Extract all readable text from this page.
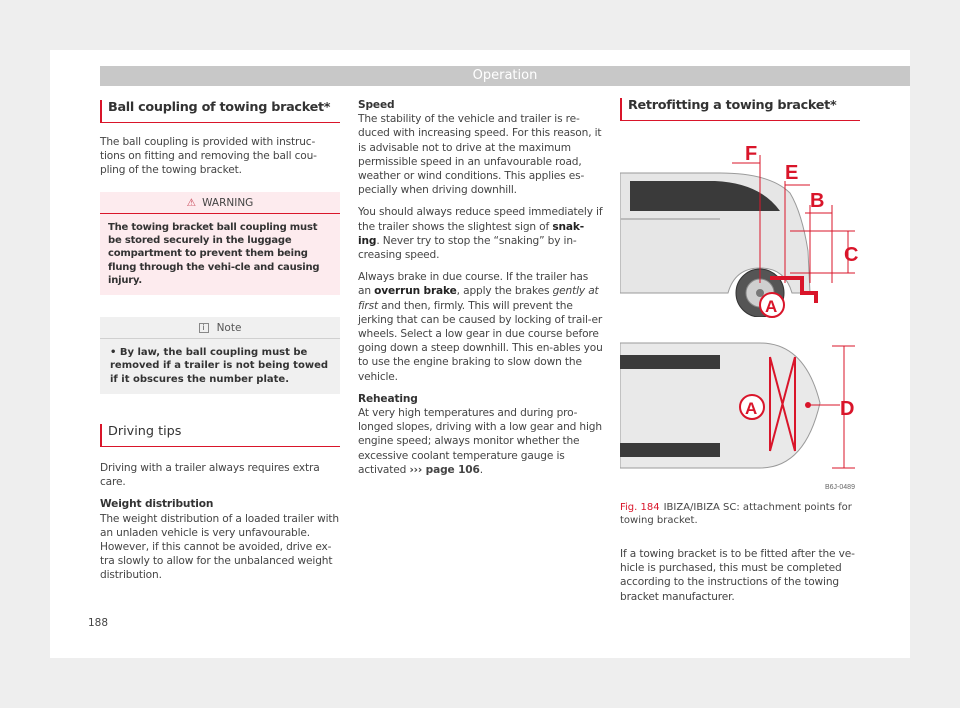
Operation
Ball coupling of towing bracket*

The ball coupling is provided with instruc-tions on fitting and removing the ball cou-pling of the towing bracket.

⚠ WARNING
The towing bracket ball coupling must be stored securely in the luggage compartment to prevent them being flung through the vehi-cle and causing injury.
i Note
• By law, the ball coupling must be removed if a trailer is not being towed if it obscures the number plate.
Driving tips

Driving with a trailer always requires extra care.

Weight distribution

The weight distribution of a loaded trailer with an unladen vehicle is very unfavourable. However, if this cannot be avoided, drive ex-tra slowly to allow for the unbalanced weight distribution.

Speed

The stability of the vehicle and trailer is re-duced with increasing speed. For this reason, it is advisable not to drive at the maximum permissible speed in an unfavourable road, weather or wind conditions. This applies es-pecially when driving downhill.

You should always reduce speed immediately if the trailer shows the slightest sign of snak-ing. Never try to stop the “snaking” by in-creasing speed.

Always brake in due course. If the trailer has an overrun brake, apply the brakes gently at first and then, firmly. This will prevent the jerking that can be caused by locking of trail-er wheels. Select a low gear in due course before going down a steep downhill. This en-ables you to use the engine braking to slow down the vehicle.

Reheating

At very high temperatures and during pro-longed slopes, driving with a low gear and high engine speed; always monitor whether the excessive coolant temperature gauge is activated ››› page 106.

Retrofitting a towing bracket*
F
E
B
C
A
D
A
B6J-0489

Fig. 184 IBIZA/IBIZA SC: attachment points for towing bracket.

If a towing bracket is to be fitted after the ve-hicle is purchased, this must be completed according to the instructions of the towing bracket manufacturer.

188
